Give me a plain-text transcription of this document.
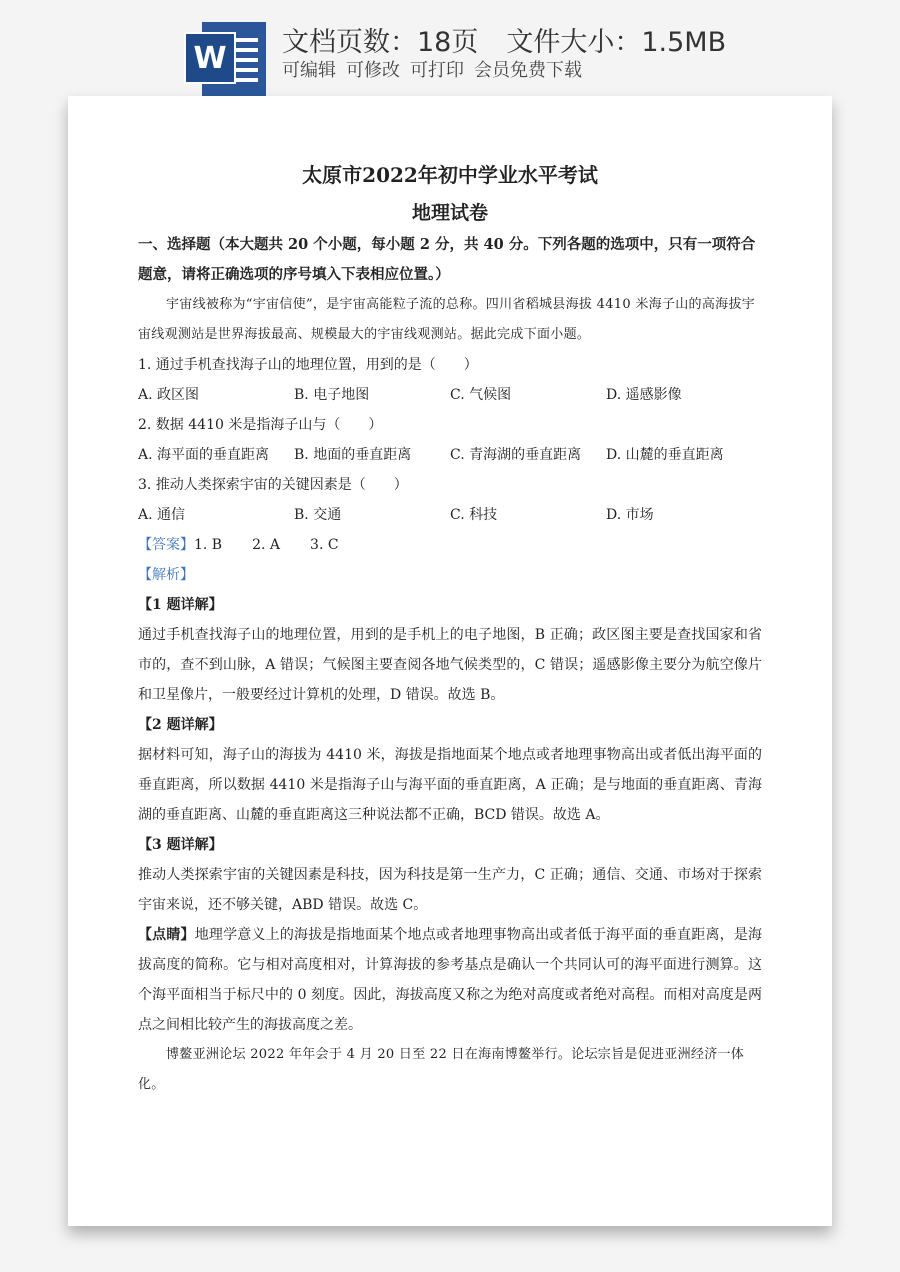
W	文档页数：18页 文件大小：1.5MB
可编辑 可修改 可打印 会员免费下载

太原市2022年初中学业水平考试

地理试卷

一、选择题（本大题共 20 个小题，每小题 2 分，共 40 分。下列各题的选项中，只有一项符合题意，请将正确选项的序号填入下表相应位置。）

宇宙线被称为“宇宙信使”，是宇宙高能粒子流的总称。四川省稻城县海拔 4410 米海子山的高海拔宇宙线观测站是世界海拔最高、规模最大的宇宙线观测站。据此完成下面小题。

1. 通过手机查找海子山的地理位置，用到的是（　　）

A. 政区图	B. 电子地图	C. 气候图	D. 遥感影像

2. 数据 4410 米是指海子山与（　　）

A. 海平面的垂直距离	B. 地面的垂直距离	C. 青海湖的垂直距离	D. 山麓的垂直距离

3. 推动人类探索宇宙的关键因素是（　　）

A. 通信	B. 交通	C. 科技	D. 市场

【答案】1. B 2. A 3. C

【解析】

【1 题详解】

通过手机查找海子山的地理位置，用到的是手机上的电子地图，B 正确；政区图主要是查找国家和省市的，查不到山脉，A 错误；气候图主要查阅各地气候类型的，C 错误；遥感影像主要分为航空像片和卫星像片，一般要经过计算机的处理，D 错误。故选 B。

【2 题详解】

据材料可知，海子山的海拔为 4410 米，海拔是指地面某个地点或者地理事物高出或者低出海平面的垂直距离，所以数据 4410 米是指海子山与海平面的垂直距离，A 正确；是与地面的垂直距离、青海湖的垂直距离、山麓的垂直距离这三种说法都不正确，BCD 错误。故选 A。

【3 题详解】

推动人类探索宇宙的关键因素是科技，因为科技是第一生产力，C 正确；通信、交通、市场对于探索宇宙来说，还不够关键，ABD 错误。故选 C。

【点睛】地理学意义上的海拔是指地面某个地点或者地理事物高出或者低于海平面的垂直距离，是海拔高度的简称。它与相对高度相对，计算海拔的参考基点是确认一个共同认可的海平面进行测算。这个海平面相当于标尺中的 0 刻度。因此，海拔高度又称之为绝对高度或者绝对高程。而相对高度是两点之间相比较产生的海拔高度之差。

博鳌亚洲论坛 2022 年年会于 4 月 20 日至 22 日在海南博鳌举行。论坛宗旨是促进亚洲经济一体化。
